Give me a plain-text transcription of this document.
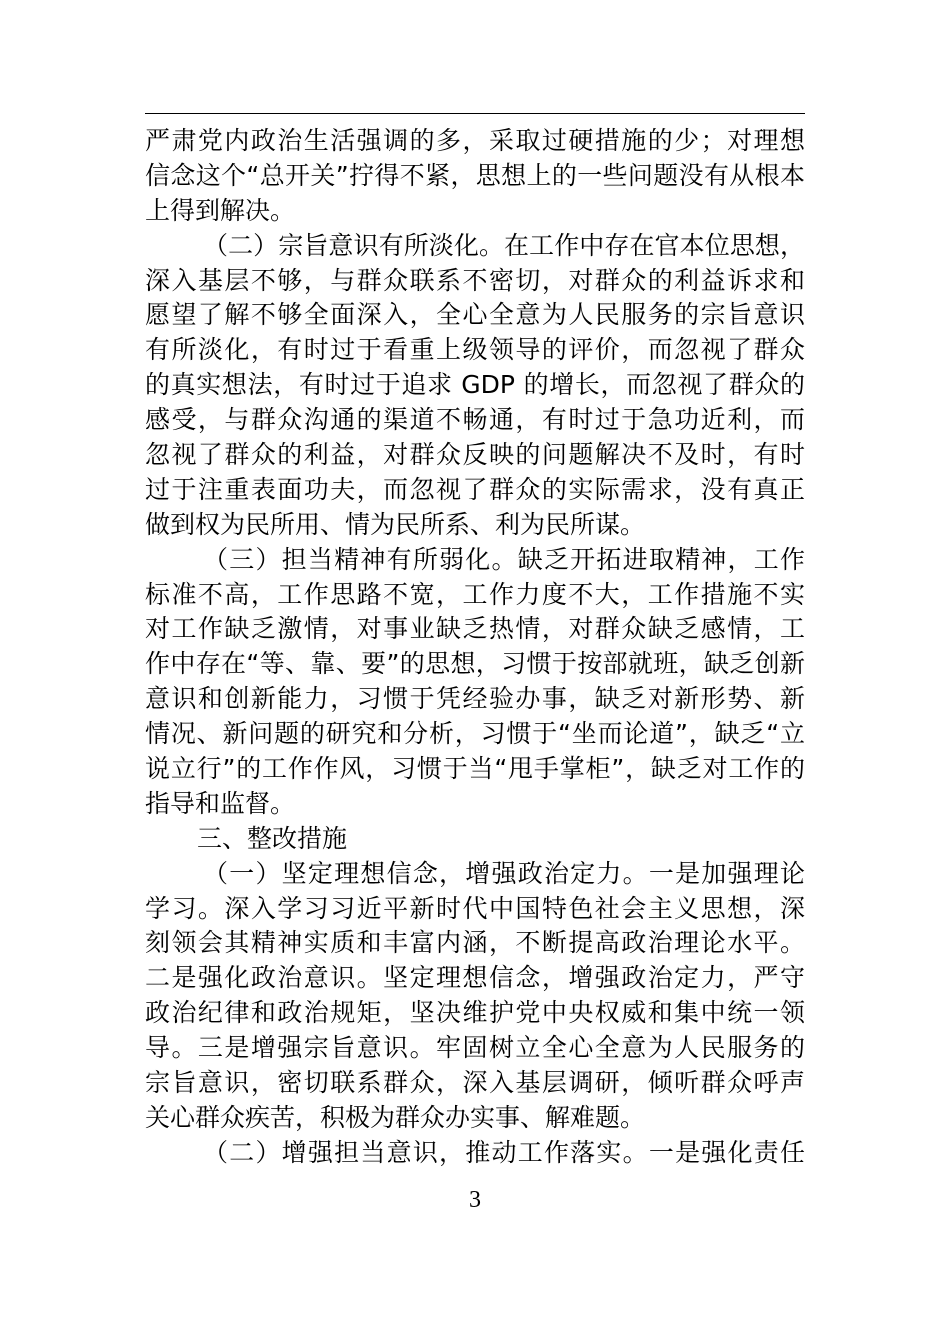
严肃党内政治生活强调的多，采取过硬措施的少；对理想
信念这个“总开关”拧得不紧，思想上的一些问题没有从根本
上得到解决。
（二）宗旨意识有所淡化。在工作中存在官本位思想，
深入基层不够，与群众联系不密切，对群众的利益诉求和
愿望了解不够全面深入，全心全意为人民服务的宗旨意识
有所淡化，有时过于看重上级领导的评价，而忽视了群众
的真实想法，有时过于追求 GDP 的增长，而忽视了群众的
感受，与群众沟通的渠道不畅通，有时过于急功近利，而
忽视了群众的利益，对群众反映的问题解决不及时，有时
过于注重表面功夫，而忽视了群众的实际需求，没有真正
做到权为民所用、情为民所系、利为民所谋。
（三）担当精神有所弱化。缺乏开拓进取精神，工作
标准不高，工作思路不宽，工作力度不大，工作措施不实
对工作缺乏激情，对事业缺乏热情，对群众缺乏感情，工
作中存在“等、靠、要”的思想，习惯于按部就班，缺乏创新
意识和创新能力，习惯于凭经验办事，缺乏对新形势、新
情况、新问题的研究和分析，习惯于“坐而论道”，缺乏“立
说立行”的工作作风，习惯于当“甩手掌柜”，缺乏对工作的
指导和监督。
三、整改措施
（一）坚定理想信念，增强政治定力。一是加强理论
学习。深入学习习近平新时代中国特色社会主义思想，深
刻领会其精神实质和丰富内涵，不断提高政治理论水平。
二是强化政治意识。坚定理想信念，增强政治定力，严守
政治纪律和政治规矩，坚决维护党中央权威和集中统一领
导。三是增强宗旨意识。牢固树立全心全意为人民服务的
宗旨意识，密切联系群众，深入基层调研，倾听群众呼声
关心群众疾苦，积极为群众办实事、解难题。
（二）增强担当意识，推动工作落实。一是强化责任
3
